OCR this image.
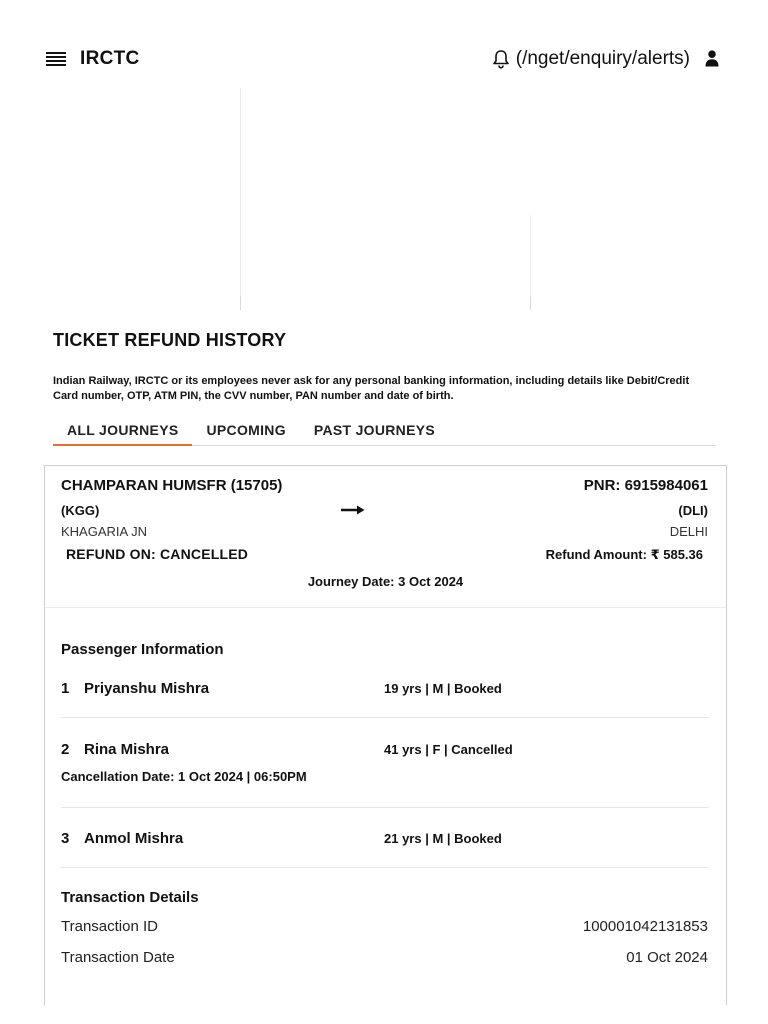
IRCTC	(/nget/enquiry/alerts)
TICKET REFUND HISTORY
Indian Railway, IRCTC or its employees never ask for any personal banking information, including details like Debit/Credit Card number, OTP, ATM PIN, the CVV number, PAN number and date of birth.
ALL JOURNEYS	UPCOMING	PAST JOURNEYS
CHAMPARAN HUMSFR (15705)	PNR: 6915984061
(KGG)	(DLI)
KHAGARIA JN	DELHI
REFUND ON: CANCELLED	Refund Amount: ₹ 585.36
Journey Date: 3 Oct 2024
Passenger Information
1 Priyanshu Mishra	19 yrs | M | Booked
2 Rina Mishra	41 yrs | F | Cancelled
Cancellation Date: 1 Oct 2024 | 06:50PM
3 Anmol Mishra	21 yrs | M | Booked
Transaction Details
Transaction ID	100001042131853
Transaction Date	01 Oct 2024
